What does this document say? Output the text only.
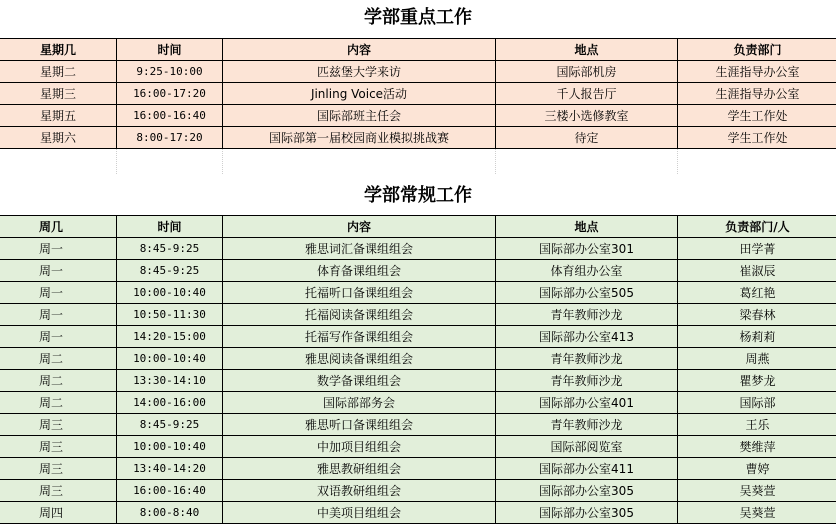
学部重点工作
星期几	时间	内容	地点	负责部门
星期二	9:25-10:00	匹兹堡大学来访	国际部机房	生涯指导办公室
星期三	16:00-17:20	Jinling Voice活动	千人报告厅	生涯指导办公室
星期五	16:00-16:40	国际部班主任会	三楼小选修教室	学生工作处
星期六	8:00-17:20	国际部第一届校园商业模拟挑战赛	待定	学生工作处
学部常规工作
周几	时间	内容	地点	负责部门/人
周一	8:45-9:25	雅思词汇备课组组会	国际部办公室301	田学菁
周一	8:45-9:25	体育备课组组会	体育组办公室	崔淑辰
周一	10:00-10:40	托福听口备课组组会	国际部办公室505	葛红艳
周一	10:50-11:30	托福阅读备课组组会	青年教师沙龙	梁春林
周一	14:20-15:00	托福写作备课组组会	国际部办公室413	杨莉莉
周二	10:00-10:40	雅思阅读备课组组会	青年教师沙龙	周燕
周二	13:30-14:10	数学备课组组会	青年教师沙龙	瞿梦龙
周二	14:00-16:00	国际部部务会	国际部办公室401	国际部
周三	8:45-9:25	雅思听口备课组组会	青年教师沙龙	王乐
周三	10:00-10:40	中加项目组组会	国际部阅览室	樊维萍
周三	13:40-14:20	雅思教研组组会	国际部办公室411	曹婷
周三	16:00-16:40	双语教研组组会	国际部办公室305	吴葵萱
周四	8:00-8:40	中美项目组组会	国际部办公室305	吴葵萱
